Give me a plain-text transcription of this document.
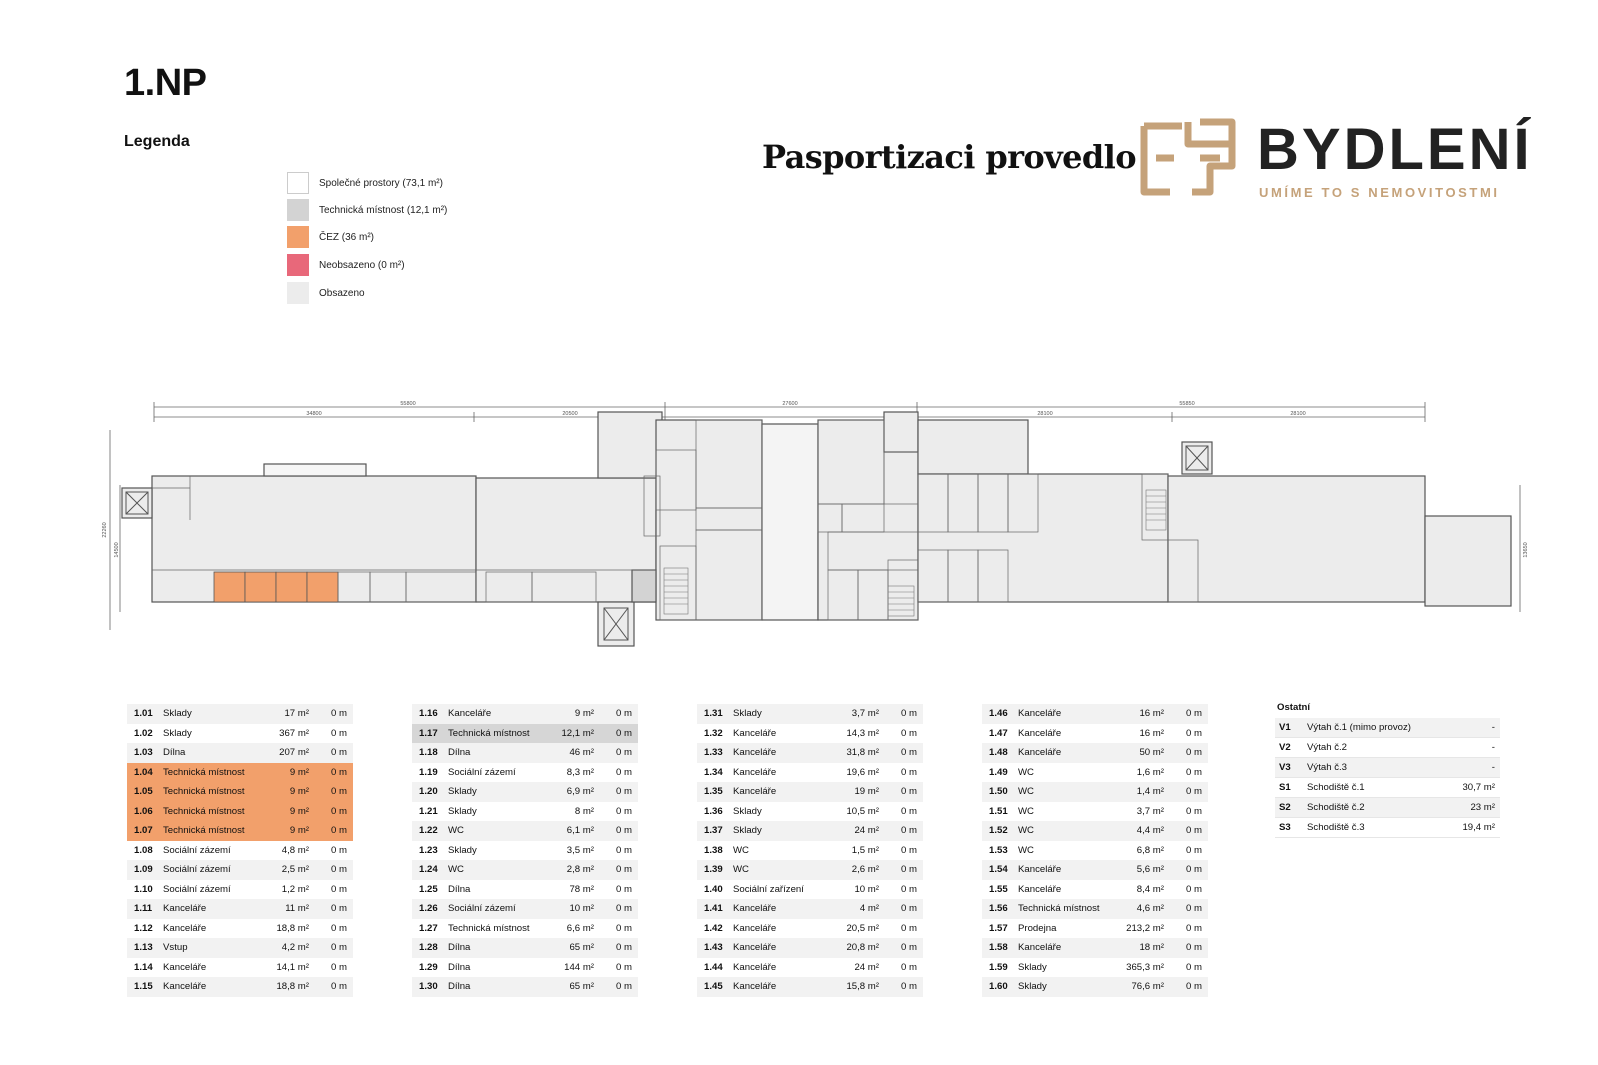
1.NP
Legenda
Společné prostory (73,1 m²)
Technická místnost (12,1 m²)
ČEZ (36 m²)
Neobsazeno (0 m²)
Obsazeno
Pasportizaci provedlo BYDLENÍ
UMÍME TO S NEMOVITOSTMI
55800	27600	55850
34800	20500	28100	28100
22260
14500	13650
1.01	Sklady	17 m²	0 m
1.02	Sklady	367 m²	0 m
1.03	Dílna	207 m²	0 m
1.04	Technická místnost	9 m²	0 m
1.05	Technická místnost	9 m²	0 m
1.06	Technická místnost	9 m²	0 m
1.07	Technická místnost	9 m²	0 m
1.08	Sociální zázemí	4,8 m²	0 m
1.09	Sociální zázemí	2,5 m²	0 m
1.10	Sociální zázemí	1,2 m²	0 m
1.11	Kanceláře	11 m²	0 m
1.12	Kanceláře	18,8 m²	0 m
1.13	Vstup	4,2 m²	0 m
1.14	Kanceláře	14,1 m²	0 m
1.15	Kanceláře	18,8 m²	0 m
1.16	Kanceláře	9 m²	0 m
1.17	Technická místnost	12,1 m²	0 m
1.18	Dílna	46 m²	0 m
1.19	Sociální zázemí	8,3 m²	0 m
1.20	Sklady	6,9 m²	0 m
1.21	Sklady	8 m²	0 m
1.22	WC	6,1 m²	0 m
1.23	Sklady	3,5 m²	0 m
1.24	WC	2,8 m²	0 m
1.25	Dílna	78 m²	0 m
1.26	Sociální zázemí	10 m²	0 m
1.27	Technická místnost	6,6 m²	0 m
1.28	Dílna	65 m²	0 m
1.29	Dílna	144 m²	0 m
1.30	Dílna	65 m²	0 m
1.31	Sklady	3,7 m²	0 m
1.32	Kanceláře	14,3 m²	0 m
1.33	Kanceláře	31,8 m²	0 m
1.34	Kanceláře	19,6 m²	0 m
1.35	Kanceláře	19 m²	0 m
1.36	Sklady	10,5 m²	0 m
1.37	Sklady	24 m²	0 m
1.38	WC	1,5 m²	0 m
1.39	WC	2,6 m²	0 m
1.40	Sociální zařízení	10 m²	0 m
1.41	Kanceláře	4 m²	0 m
1.42	Kanceláře	20,5 m²	0 m
1.43	Kanceláře	20,8 m²	0 m
1.44	Kanceláře	24 m²	0 m
1.45	Kanceláře	15,8 m²	0 m
1.46	Kanceláře	16 m²	0 m
1.47	Kanceláře	16 m²	0 m
1.48	Kanceláře	50 m²	0 m
1.49	WC	1,6 m²	0 m
1.50	WC	1,4 m²	0 m
1.51	WC	3,7 m²	0 m
1.52	WC	4,4 m²	0 m
1.53	WC	6,8 m²	0 m
1.54	Kanceláře	5,6 m²	0 m
1.55	Kanceláře	8,4 m²	0 m
1.56	Technická místnost	4,6 m²	0 m
1.57	Prodejna	213,2 m²	0 m
1.58	Kanceláře	18 m²	0 m
1.59	Sklady	365,3 m²	0 m
1.60	Sklady	76,6 m²	0 m
Ostatní
V1	Výtah č.1 (mimo provoz)	-
V2	Výtah č.2	-
V3	Výtah č.3	-
S1	Schodiště č.1	30,7 m²
S2	Schodiště č.2	23 m²
S3	Schodiště č.3	19,4 m²
